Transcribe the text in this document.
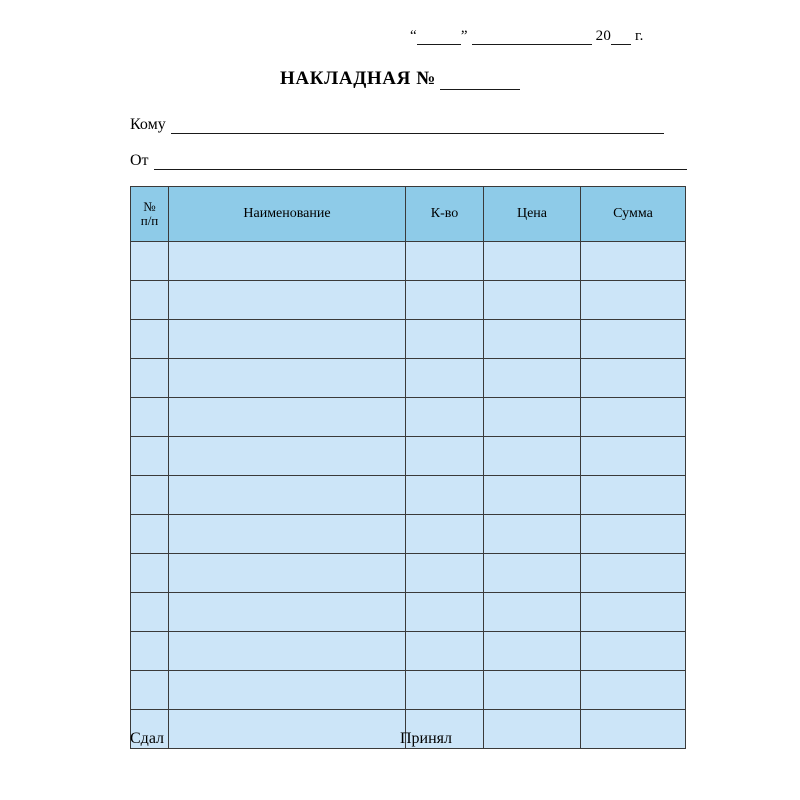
“	”	20 г.
НАКЛАДНАЯ №
Кому
От
№
п/п	Наименование	К-во	Цена	Сумма

Сдал	Принял
